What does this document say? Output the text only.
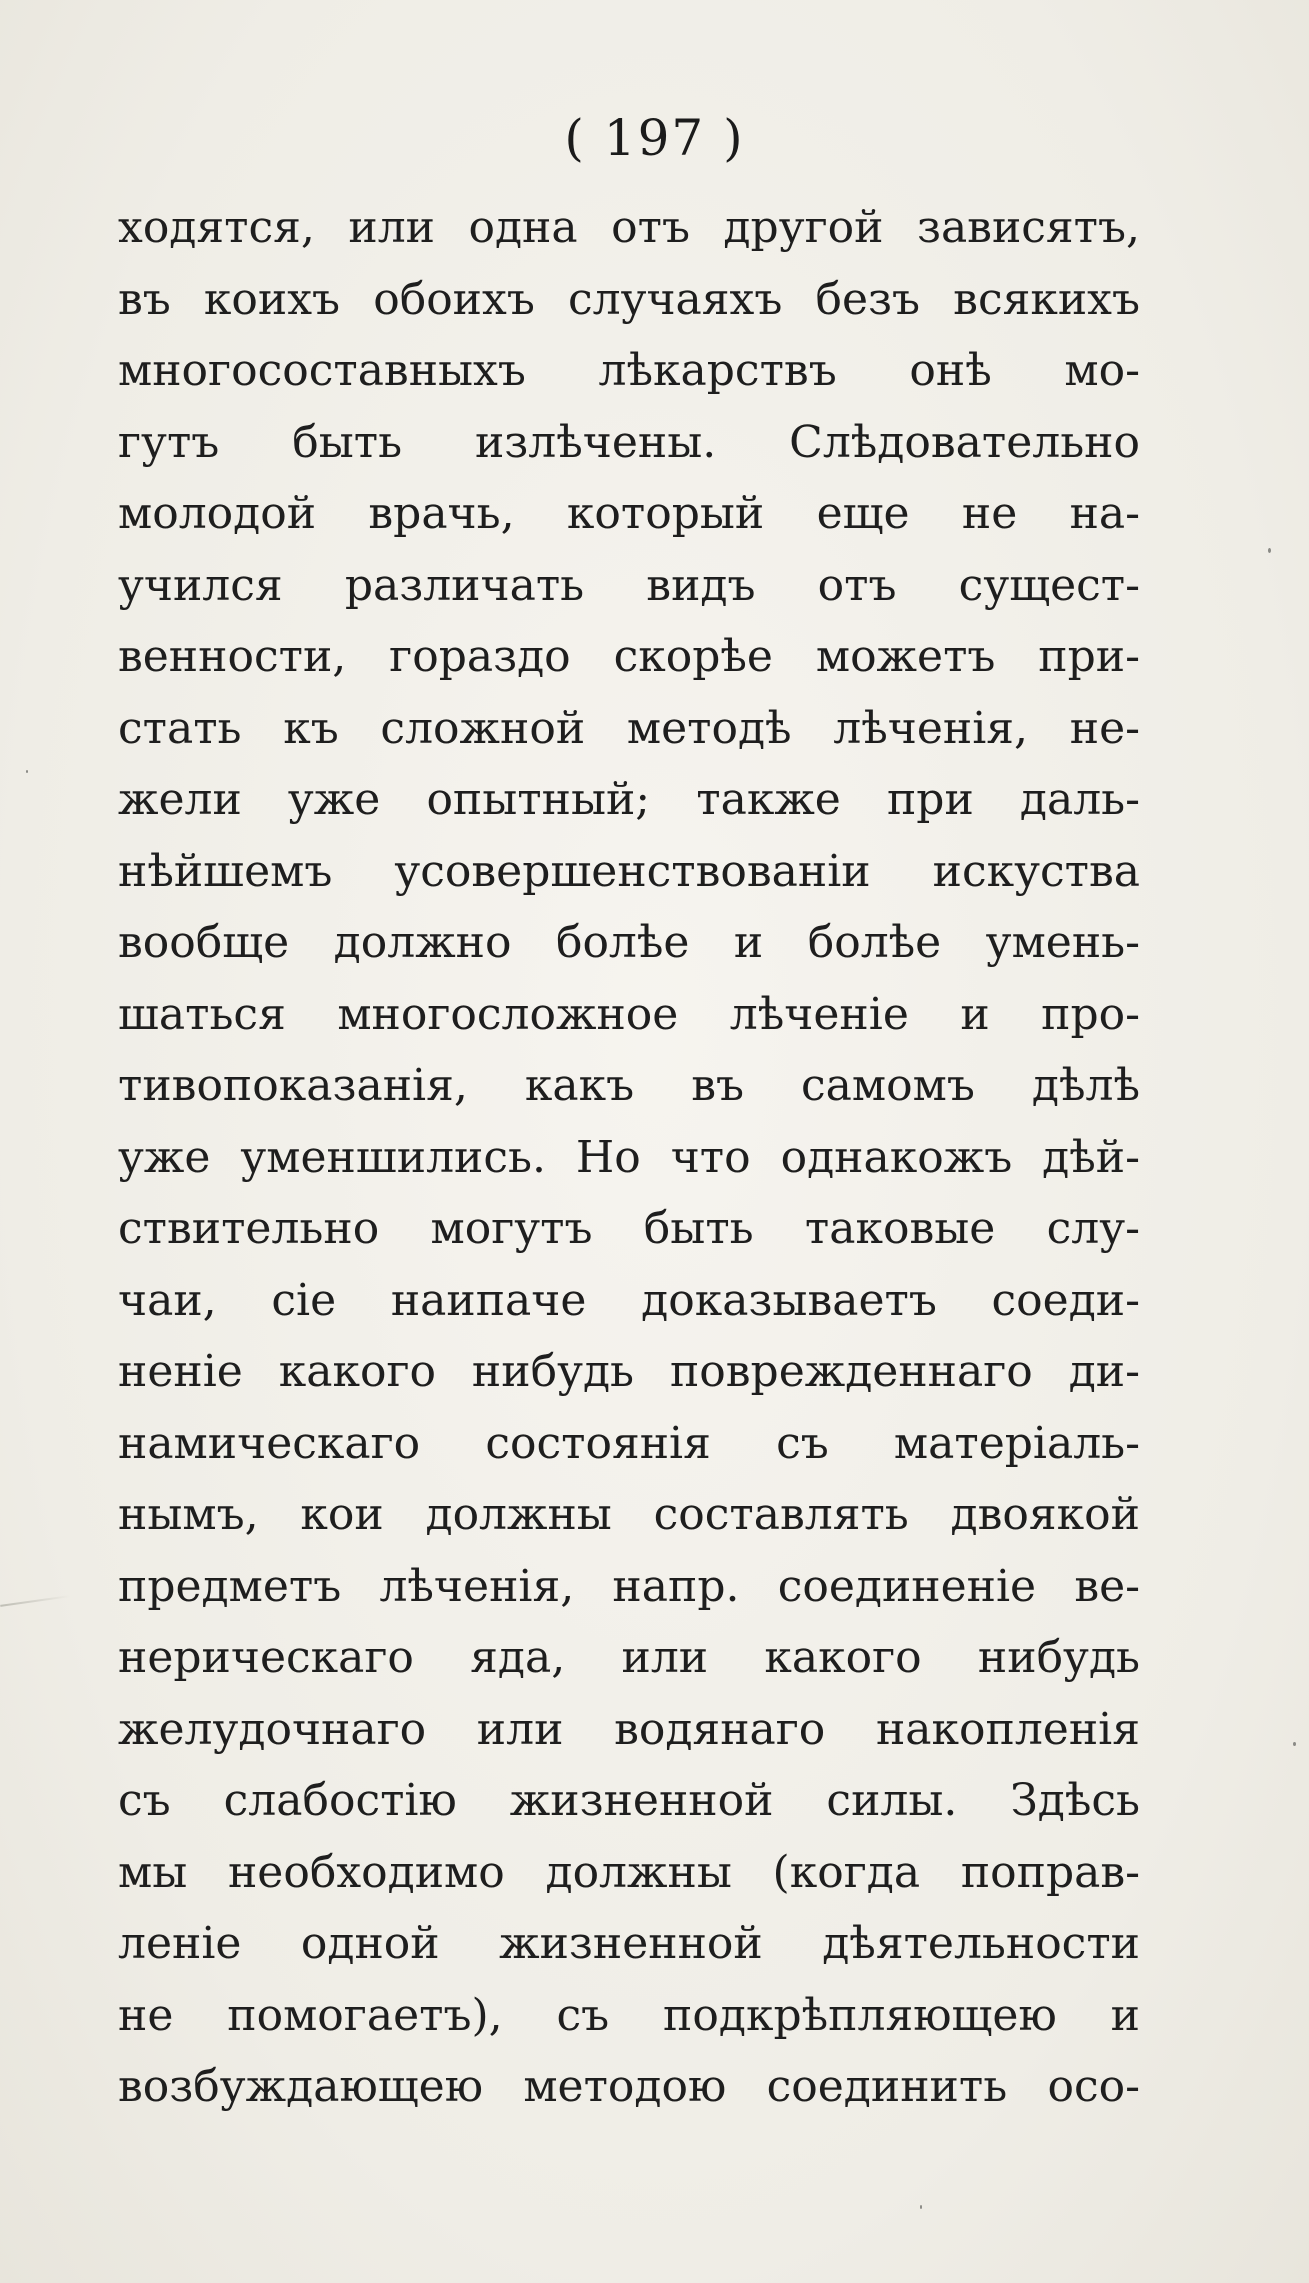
( 197 )
ходятся, или одна отъ другой зависятъ,
въ коихъ обоихъ случаяхъ безъ всякихъ
многосоставныхъ лѣкарствъ онѣ мо-
гутъ быть излѣчены. Слѣдовательно
молодой врачь, который еще не на-
учился различать видъ отъ сущест-
венности, гораздо скорѣе можетъ при-
стать къ сложной методѣ лѣченія, не-
жели уже опытный; также при даль-
нѣйшемъ усовершенствованіи искуства
вообще должно болѣе и болѣе умень-
шаться многосложное лѣченіе и про-
тивопоказанія, какъ въ самомъ дѣлѣ
уже уменшились. Но что однакожъ дѣй-
ствительно могутъ быть таковые слу-
чаи, сіе наипаче доказываетъ соеди-
неніе какого нибудь поврежденнаго ди-
намическаго состоянія съ матеріаль-
нымъ, кои должны составлять двоякой
предметъ лѣченія, напр. соединеніе ве-
нерическаго яда, или какого нибудь
желудочнаго или водянаго накопленія
съ слабостію жизненной силы. Здѣсь
мы необходимо должны (когда поправ-
леніе одной жизненной дѣятельности
не помогаетъ), съ подкрѣпляющею и
возбуждающею методою соединить осо-
